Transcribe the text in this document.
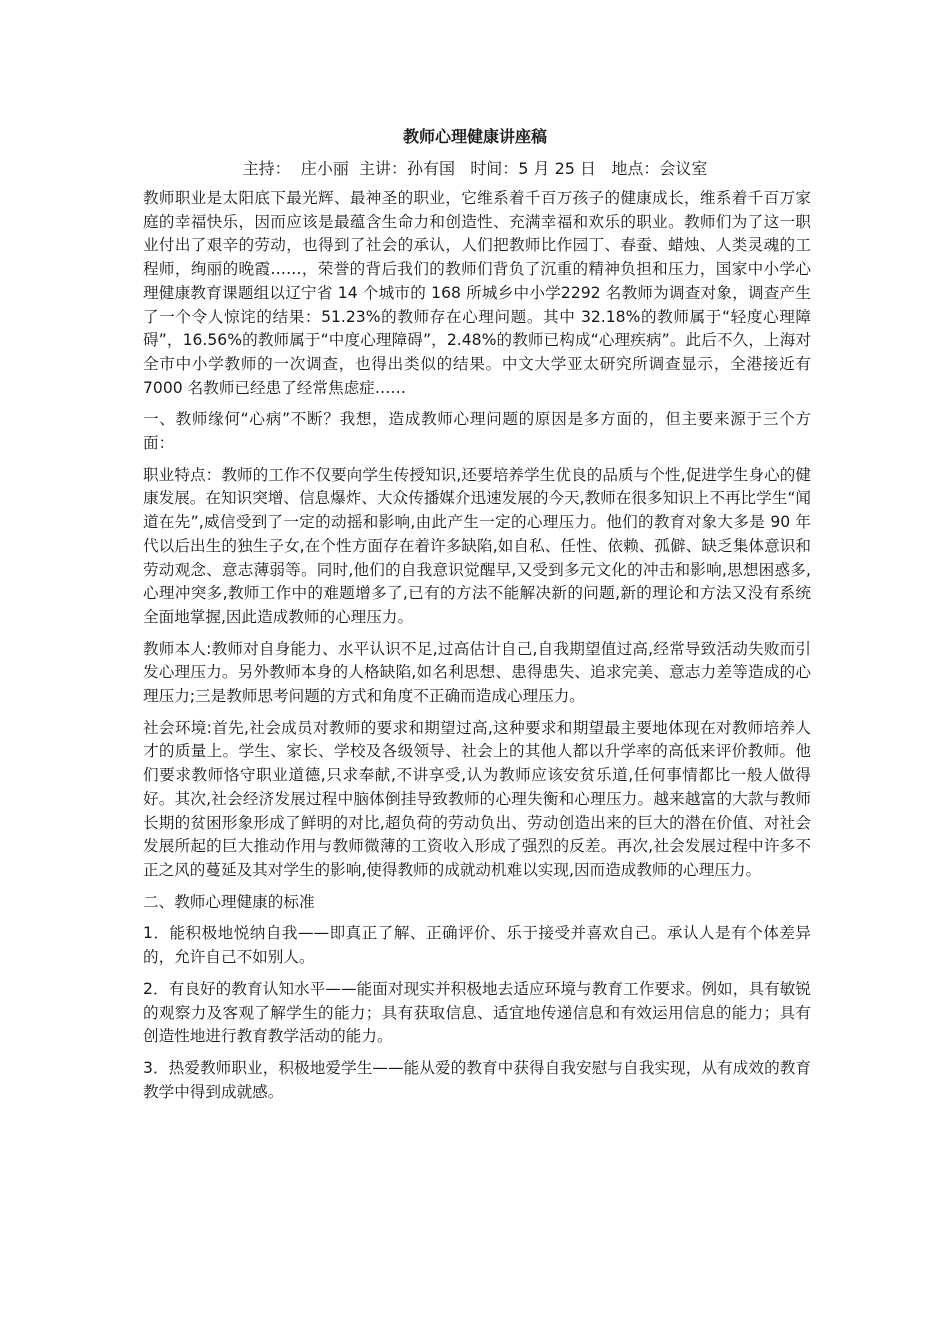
教师心理健康讲座稿

主持：  庄小丽  主讲：孙有国   时间：5 月 25 日   地点：会议室

教师职业是太阳底下最光辉、最神圣的职业，它维系着千百万孩子的健康成长，维系着千百万家庭的幸福快乐，因而应该是最蕴含生命力和创造性、充满幸福和欢乐的职业。教师们为了这一职业付出了艰辛的劳动，也得到了社会的承认，人们把教师比作园丁、春蚕、蜡烛、人类灵魂的工程师，绚丽的晚霞……，荣誉的背后我们的教师们背负了沉重的精神负担和压力，国家中小学心理健康教育课题组以辽宁省 14 个城市的 168 所城乡中小学2292 名教师为调查对象，调查产生了一个令人惊诧的结果：51.23%的教师存在心理问题。其中 32.18%的教师属于“轻度心理障碍”，16.56%的教师属于“中度心理障碍”，2.48%的教师已构成“心理疾病”。此后不久，上海对全市中小学教师的一次调查，也得出类似的结果。中文大学亚太研究所调查显示，全港接近有 7000 名教师已经患了经常焦虑症……

一、教师缘何“心病”不断？我想，造成教师心理问题的原因是多方面的，但主要来源于三个方面：

职业特点：教师的工作不仅要向学生传授知识,还要培养学生优良的品质与个性,促进学生身心的健康发展。在知识突增、信息爆炸、大众传播媒介迅速发展的今天,教师在很多知识上不再比学生“闻道在先”,威信受到了一定的动摇和影响,由此产生一定的心理压力。他们的教育对象大多是 90 年代以后出生的独生子女,在个性方面存在着许多缺陷,如自私、任性、依赖、孤僻、缺乏集体意识和劳动观念、意志薄弱等。同时,他们的自我意识觉醒早,又受到多元文化的冲击和影响,思想困惑多,心理冲突多,教师工作中的难题增多了,已有的方法不能解决新的问题,新的理论和方法又没有系统全面地掌握,因此造成教师的心理压力。

教师本人:教师对自身能力、水平认识不足,过高估计自己,自我期望值过高,经常导致活动失败而引发心理压力。另外教师本身的人格缺陷,如名利思想、患得患失、追求完美、意志力差等造成的心理压力;三是教师思考问题的方式和角度不正确而造成心理压力。

社会环境:首先,社会成员对教师的要求和期望过高,这种要求和期望最主要地体现在对教师培养人才的质量上。学生、家长、学校及各级领导、社会上的其他人都以升学率的高低来评价教师。他们要求教师恪守职业道德,只求奉献,不讲享受,认为教师应该安贫乐道,任何事情都比一般人做得好。其次,社会经济发展过程中脑体倒挂导致教师的心理失衡和心理压力。越来越富的大款与教师长期的贫困形象形成了鲜明的对比,超负荷的劳动负出、劳动创造出来的巨大的潜在价值、对社会发展所起的巨大推动作用与教师微薄的工资收入形成了强烈的反差。再次,社会发展过程中许多不正之风的蔓延及其对学生的影响,使得教师的成就动机难以实现,因而造成教师的心理压力。

二、教师心理健康的标准

1．能积极地悦纳自我——即真正了解、正确评价、乐于接受并喜欢自己。承认人是有个体差异的，允许自己不如别人。

2．有良好的教育认知水平——能面对现实并积极地去适应环境与教育工作要求。例如，具有敏锐的观察力及客观了解学生的能力；具有获取信息、适宜地传递信息和有效运用信息的能力；具有创造性地进行教育教学活动的能力。

3．热爱教师职业，积极地爱学生——能从爱的教育中获得自我安慰与自我实现，从有成效的教育教学中得到成就感。
